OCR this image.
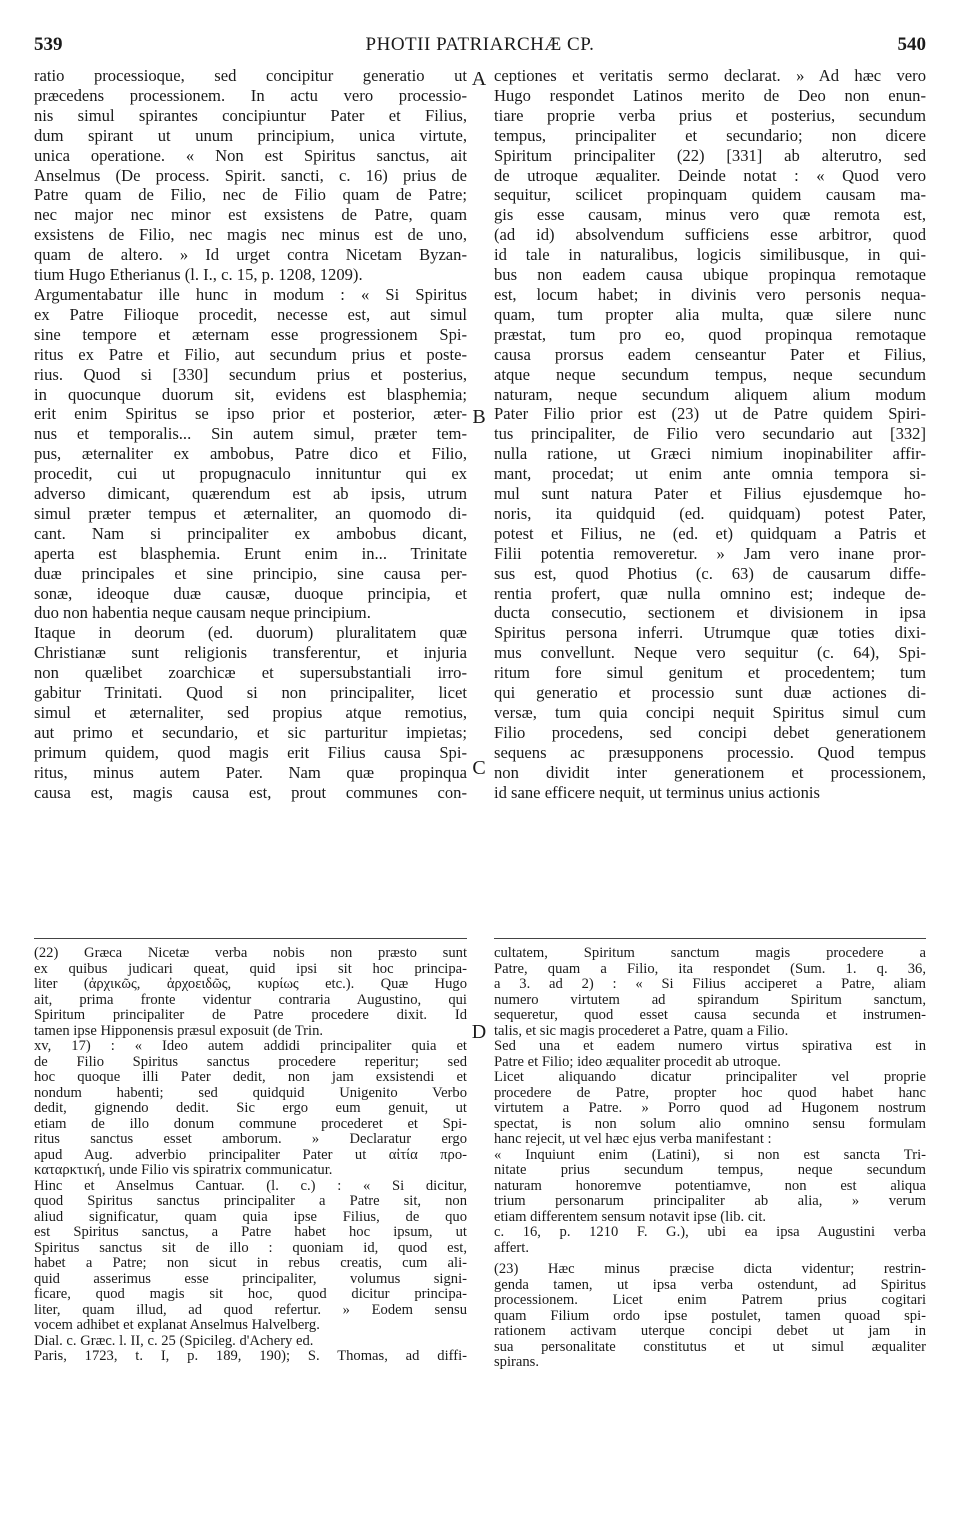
539	PHOTII PATRIARCHÆ CP.	540
ratio processioque, sed concipitur generatio ut
præcedens processionem. In actu vero processio-
nis simul spirantes concipiuntur Pater et Filius,
dum spirant ut unum principium, unica virtute,
unica operatione. « Non est Spiritus sanctus, ait
Anselmus (De process. Spirit. sancti, c. 16) prius de
Patre quam de Filio, nec de Filio quam de Patre;
nec major nec minor est exsistens de Patre, quam
exsistens de Filio, nec magis nec minus est de uno,
quam de altero. » Id urget contra Nicetam Byzan-
tium Hugo Etherianus (l. I., c. 15, p. 1208, 1209).
Argumentabatur ille hunc in modum : « Si Spiritus
ex Patre Filioque procedit, necesse est, aut simul
sine tempore et æternam esse progressionem Spi-
ritus ex Patre et Filio, aut secundum prius et poste-
rius. Quod si [330] secundum prius et posterius,
in quocunque duorum sit, evidens est blasphemia;
erit enim Spiritus se ipso prior et posterior, æter-
nus et temporalis... Sin autem simul, præter tem-
pus, æternaliter ex ambobus, Patre dico et Filio,
procedit, cui ut propugnaculo innituntur qui ex
adverso dimicant, quærendum est ab ipsis, utrum
simul præter tempus et æternaliter, an quomodo di-
cant. Nam si principaliter ex ambobus dicant,
aperta est blasphemia. Erunt enim in... Trinitate
duæ principales et sine principio, sine causa per-
sonæ, ideoque duæ causæ, duoque principia, et
duo non habentia neque causam neque principium.
Itaque in deorum (ed. duorum) pluralitatem quæ
Christianæ sunt religionis transferentur, et injuria
non quælibet zoarchicæ et supersubstantiali irro-
gabitur Trinitati. Quod si non principaliter, licet
simul et æternaliter, sed propius atque remotius,
aut primo et secundario, et sic parturitur impietas;
primum quidem, quod magis erit Filius causa Spi-
ritus, minus autem Pater. Nam quæ propinqua
causa est, magis causa est, prout communes con-
ceptiones et veritatis sermo declarat. » Ad hæc vero
Hugo respondet Latinos merito de Deo non enun-
tiare proprie verba prius et posterius, secundum
tempus, principaliter et secundario; non dicere
Spiritum principaliter (22) [331] ab alterutro, sed
de utroque æqualiter. Deinde notat : « Quod vero
sequitur, scilicet propinquam quidem causam ma-
gis esse causam, minus vero quæ remota est,
(ad id) absolvendum sufficiens esse arbitror, quod
id tale in naturalibus, logicis similibusque, in qui-
bus non eadem causa ubique propinqua remotaque
est, locum habet; in divinis vero personis nequa-
quam, tum propter alia multa, quæ silere nunc
præstat, tum pro eo, quod propinqua remotaque
causa prorsus eadem censeantur Pater et Filius,
atque neque secundum tempus, neque secundum
naturam, neque secundum aliquem alium modum
Pater Filio prior est (23) ut de Patre quidem Spiri-
tus principaliter, de Filio vero secundario aut [332]
nulla ratione, ut Græci nimium inopinabiliter affir-
mant, procedat; ut enim ante omnia tempora si-
mul sunt natura Pater et Filius ejusdemque ho-
noris, ita quidquid (ed. quidquam) potest Pater,
potest et Filius, ne (ed. et) quidquam a Patris et
Filii potentia removeretur. » Jam vero inane pror-
sus est, quod Photius (c. 63) de causarum diffe-
rentia profert, quæ nulla omnino est; indeque de-
ducta consecutio, sectionem et divisionem in ipsa
Spiritus persona inferri. Utrumque quæ toties dixi-
mus convellunt. Neque vero sequitur (c. 64), Spi-
ritum fore simul genitum et procedentem; tum
qui generatio et processio sunt duæ actiones di-
versæ, tum quia concipi nequit Spiritus simul cum
Filio procedens, sed concipi debet generationem
sequens ac præsupponens processio. Quod tempus
non dividit inter generationem et processionem,
id sane efficere nequit, ut terminus unius actionis
A
B
C
D
(22) Græca Nicetæ verba nobis non præsto sunt
ex quibus judicari queat, quid ipsi sit hoc principa-
liter (ἀρχικῶς, ἀρχοειδῶς, κυρίως etc.). Quæ Hugo
ait, prima fronte videntur contraria Augustino, qui
Spiritum principaliter de Patre procedere dixit. Id
tamen ipse Hipponensis præsul exposuit (de Trin.
xv, 17) : « Ideo autem addidi principaliter quia et
de Filio Spiritus sanctus procedere reperitur; sed
hoc quoque illi Pater dedit, non jam exsistendi et
nondum habenti; sed quidquid Unigenito Verbo
dedit, gignendo dedit. Sic ergo eum genuit, ut
etiam de illo donum commune procederet et Spi-
ritus sanctus esset amborum. » Declaratur ergo
apud Aug. adverbio principaliter Pater ut αἰτία προ-
καταρκτική, unde Filio vis spiratrix communicatur.
Hinc et Anselmus Cantuar. (l. c.) : « Si dicitur,
quod Spiritus sanctus principaliter a Patre sit, non
aliud significatur, quam quia ipse Filius, de quo
est Spiritus sanctus, a Patre habet hoc ipsum, ut
Spiritus sanctus sit de illo : quoniam id, quod est,
habet a Patre; non sicut in rebus creatis, cum ali-
quid asserimus esse principaliter, volumus signi-
ficare, quod magis sit hoc, quod dicitur principa-
liter, quam illud, ad quod refertur. » Eodem sensu
vocem adhibet et explanat Anselmus Halvelberg.
Dial. c. Græc. l. II, c. 25 (Spicileg. d'Achery ed.
Paris, 1723, t. I, p. 189, 190); S. Thomas, ad diffi-
cultatem, Spiritum sanctum magis procedere a
Patre, quam a Filio, ita respondet (Sum. 1. q. 36,
a 3. ad 2) : « Si Filius acciperet a Patre, aliam
numero virtutem ad spirandum Spiritum sanctum,
sequeretur, quod esset causa secunda et instrumen-
talis, et sic magis procederet a Patre, quam a Filio.
Sed una et eadem numero virtus spirativa est in
Patre et Filio; ideo æqualiter procedit ab utroque.
Licet aliquando dicatur principaliter vel proprie
procedere de Patre, propter hoc quod habet hanc
virtutem a Patre. » Porro quod ad Hugonem nostrum
spectat, is non solum alio omnino sensu formulam
hanc rejecit, ut vel hæc ejus verba manifestant :
« Inquiunt enim (Latini), si non est sancta Tri-
nitate prius secundum tempus, neque secundum
naturam honoremve potentiamve, non est aliqua
trium personarum principaliter ab alia, » verum
etiam differentem sensum notavit ipse (lib. cit.
c. 16, p. 1210 F. G.), ubi ea ipsa Augustini verba
affert.
(23) Hæc minus præcise dicta videntur; restrin-
genda tamen, ut ipsa verba ostendunt, ad Spiritus
processionem. Licet enim Patrem prius cogitari
quam Filium ordo ipse postulet, tamen quoad spi-
rationem activam uterque concipi debet ut jam in
sua personalitate constitutus et ut simul æqualiter
spirans.
